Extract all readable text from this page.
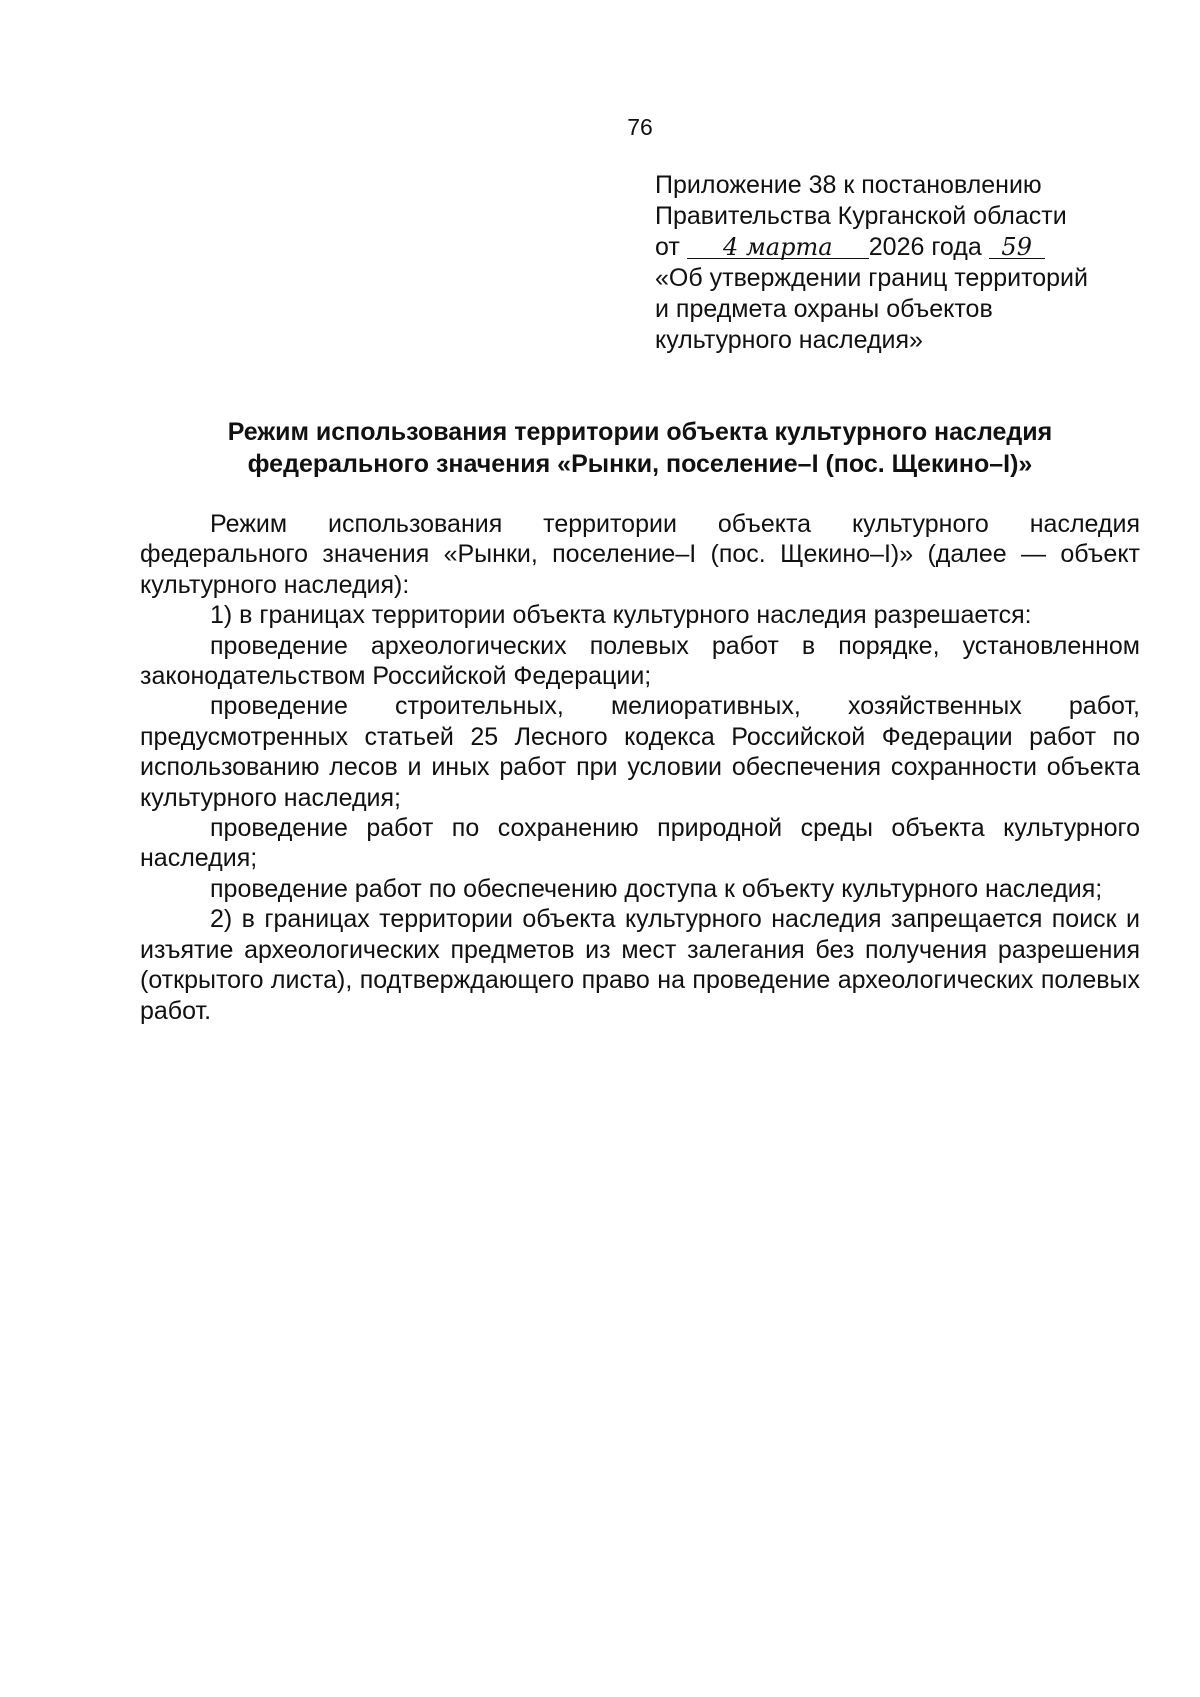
76
Приложение 38 к постановлению
Правительства Курганской области
от 4 марта 2026 года 59
«Об утверждении границ территорий
и предмета охраны объектов
культурного наследия»
Режим использования территории объекта культурного наследия
федерального значения «Рынки, поселение–I (пос. Щекино–I)»

Режим использования территории объекта культурного наследия федерального значения «Рынки, поселение–I (пос. Щекино–I)» (далее — объект культурного наследия):

1) в границах территории объекта культурного наследия разрешается:

проведение археологических полевых работ в порядке, установленном законодательством Российской Федерации;

проведение строительных, мелиоративных, хозяйственных работ, предусмотренных статьей 25 Лесного кодекса Российской Федерации работ по использованию лесов и иных работ при условии обеспечения сохранности объекта культурного наследия;

проведение работ по сохранению природной среды объекта культурного наследия;

проведение работ по обеспечению доступа к объекту культурного наследия;

2) в границах территории объекта культурного наследия запрещается поиск и изъятие археологических предметов из мест залегания без получения разрешения (открытого листа), подтверждающего право на проведение археологических полевых работ.
